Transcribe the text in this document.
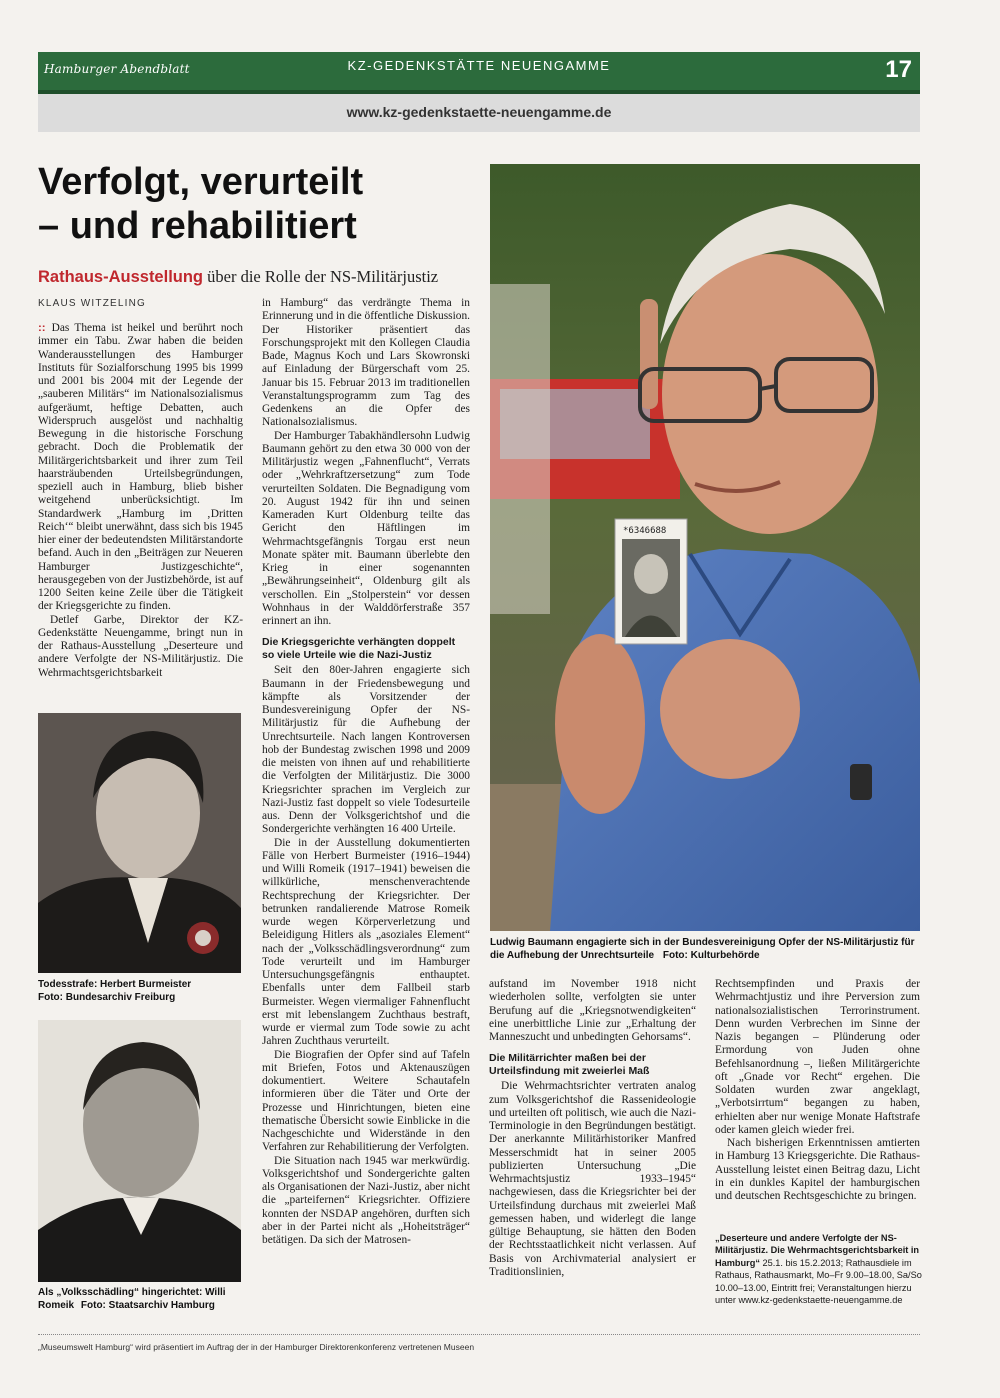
Hamburger Abendblatt	KZ-GEDENKSTÄTTE NEUENGAMME	17
www.kz-gedenkstaette-neuengamme.de
Verfolgt, verurteilt
– und rehabilitiert
Rathaus-Ausstellung über die Rolle der NS-Militärjustiz
KLAUS WITZELING

:: Das Thema ist heikel und berührt noch immer ein Tabu. Zwar haben die beiden Wanderausstellungen des Hamburger Instituts für Sozialforschung 1995 bis 1999 und 2001 bis 2004 mit der Legende der „sauberen Militärs“ im Nationalsozialismus aufgeräumt, heftige Debatten, auch Widerspruch ausgelöst und nachhaltig Bewegung in die historische Forschung gebracht. Doch die Problematik der Militärgerichtsbarkeit und ihrer zum Teil haarsträubenden Urteilsbegründungen, speziell auch in Hamburg, blieb bisher weitgehend unberücksichtigt. Im Standardwerk „Hamburg im ‚Dritten Reich‘“ bleibt unerwähnt, dass sich bis 1945 hier einer der bedeutendsten Militärstandorte befand. Auch in den „Beiträgen zur Neueren Hamburger Justizgeschichte“, herausgegeben von der Justizbehörde, ist auf 1200 Seiten keine Zeile über die Tätigkeit der Kriegsgerichte zu finden.

Detlef Garbe, Direktor der KZ-Gedenkstätte Neuengamme, bringt nun in der Rathaus-Ausstellung „Deserteure und andere Verfolgte der NS-Militärjustiz. Die Wehrmachtsgerichtsbarkeit

in Hamburg“ das verdrängte Thema in Erinnerung und in die öffentliche Diskussion. Der Historiker präsentiert das Forschungsprojekt mit den Kollegen Claudia Bade, Magnus Koch und Lars Skowronski auf Einladung der Bürgerschaft vom 25. Januar bis 15. Februar 2013 im traditionellen Veranstaltungsprogramm zum Tag des Gedenkens an die Opfer des Nationalsozialismus.

Der Hamburger Tabakhändlersohn Ludwig Baumann gehört zu den etwa 30 000 von der Militärjustiz wegen „Fahnenflucht“, Verrats oder „Wehrkraftzersetzung“ zum Tode verurteilten Soldaten. Die Begnadigung vom 20. August 1942 für ihn und seinen Kameraden Kurt Oldenburg teilte das Gericht den Häftlingen im Wehrmachtsgefängnis Torgau erst neun Monate später mit. Baumann überlebte den Krieg in einer sogenannten „Bewährungseinheit“, Oldenburg gilt als verschollen. Ein „Stolperstein“ vor dessen Wohnhaus in der Walddörferstraße 357 erinnert an ihn.

Die Kriegsgerichte verhängten doppelt so viele Urteile wie die Nazi-Justiz

Seit den 80er-Jahren engagierte sich Baumann in der Friedensbewegung und kämpfte als Vorsitzender der Bundesvereinigung Opfer der NS-Militärjustiz für die Aufhebung der Unrechtsurteile. Nach langen Kontroversen hob der Bundestag zwischen 1998 und 2009 die meisten von ihnen auf und rehabilitierte die Verfolgten der Militärjustiz. Die 3000 Kriegsrichter sprachen im Vergleich zur Nazi-Justiz fast doppelt so viele Todesurteile aus. Denn der Volksgerichtshof und die Sondergerichte verhängten 16 400 Urteile.

Die in der Ausstellung dokumentierten Fälle von Herbert Burmeister (1916–1944) und Willi Romeik (1917–1941) beweisen die willkürliche, menschenverachtende Rechtsprechung der Kriegsrichter. Der betrunken randalierende Matrose Romeik wurde wegen Körperverletzung und Beleidigung Hitlers als „asoziales Element“ nach der „Volksschädlingsverordnung“ zum Tode verurteilt und im Hamburger Untersuchungsgefängnis enthauptet. Ebenfalls unter dem Fallbeil starb Burmeister. Wegen viermaliger Fahnenflucht erst mit lebenslangem Zuchthaus bestraft, wurde er viermal zum Tode sowie zu acht Jahren Zuchthaus verurteilt.

Die Biografien der Opfer sind auf Tafeln mit Briefen, Fotos und Aktenauszügen dokumentiert. Weitere Schautafeln informieren über die Täter und Orte der Prozesse und Hinrichtungen, bieten eine thematische Übersicht sowie Einblicke in die Nachgeschichte und Widerstände in den Verfahren zur Rehabilitierung der Verfolgten.

Die Situation nach 1945 war merkwürdig. Volksgerichtshof und Sondergerichte galten als Organisationen der Nazi-Justiz, aber nicht die „parteifernen“ Kriegsrichter. Offiziere konnten der NSDAP angehören, durften sich aber in der Partei nicht als „Hoheitsträger“ betätigen. Da sich der Matrosen-

aufstand im November 1918 nicht wiederholen sollte, verfolgten sie unter Berufung auf die „Kriegsnotwendigkeiten“ eine unerbittliche Linie zur „Erhaltung der Manneszucht und unbedingten Gehorsams“.

Die Militärrichter maßen bei der Urteilsfindung mit zweierlei Maß

Die Wehrmachtsrichter vertraten analog zum Volksgerichtshof die Rassenideologie und urteilten oft politisch, wie auch die Nazi-Terminologie in den Begründungen bestätigt. Der anerkannte Militärhistoriker Manfred Messerschmidt hat in seiner 2005 publizierten Untersuchung „Die Wehrmachtsjustiz 1933–1945“ nachgewiesen, dass die Kriegsrichter bei der Urteilsfindung durchaus mit zweierlei Maß gemessen haben, und widerlegt die lange gültige Behauptung, sie hätten den Boden der Rechtsstaatlichkeit nicht verlassen. Auf Basis von Archivmaterial analysiert er Traditionslinien,

Rechtsempfinden und Praxis der Wehrmachtjustiz und ihre Perversion zum nationalsozialistischen Terrorinstrument. Denn wurden Verbrechen im Sinne der Nazis begangen – Plünderung oder Ermordung von Juden ohne Befehlsanordnung –, ließen Militärgerichte oft „Gnade vor Recht“ ergehen. Die Soldaten wurden zwar angeklagt, „Verbotsirrtum“ begangen zu haben, erhielten aber nur wenige Monate Haftstrafe oder kamen gleich wieder frei.

Nach bisherigen Erkenntnissen amtierten in Hamburg 13 Kriegsgerichte. Die Rathaus-Ausstellung leistet einen Beitrag dazu, Licht in ein dunkles Kapitel der hamburgischen und deutschen Rechtsgeschichte zu bringen.

„Deserteure und andere Verfolgte der NS-Militärjustiz. Die Wehrmachtsgerichtsbarkeit in Hamburg“ 25.1. bis 15.2.2013; Rathausdiele im Rathaus, Rathausmarkt, Mo–Fr 9.00–18.00, Sa/So 10.00–13.00, Eintritt frei; Veranstaltungen hierzu unter www.kz-gedenkstaette-neuengamme.de
*6346688
Ludwig Baumann engagierte sich in der Bundesvereinigung Opfer der NS-Militärjustiz für die Aufhebung der Unrechtsurteile Foto: Kulturbehörde
Todesstrafe: Herbert Burmeister
Foto: Bundesarchiv Freiburg
Als „Volksschädling“ hingerichtet: Willi Romeik Foto: Staatsarchiv Hamburg
„Museumswelt Hamburg“ wird präsentiert im Auftrag der in der Hamburger Direktorenkonferenz vertretenen Museen
